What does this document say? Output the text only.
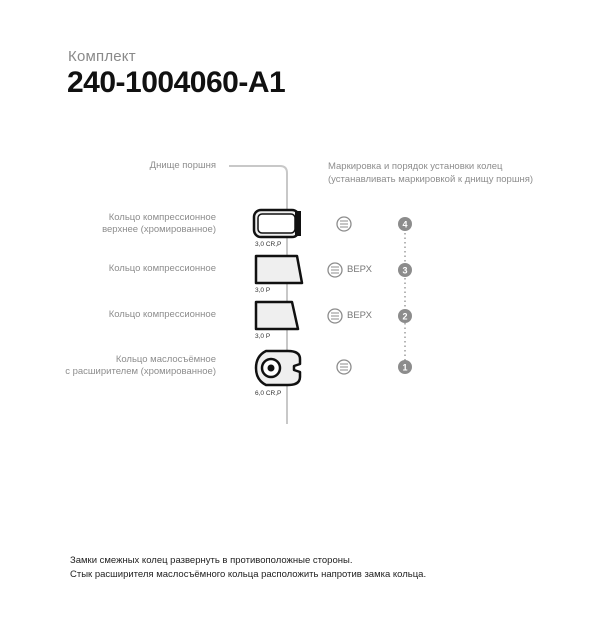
Комплект
240-1004060-A1
4
3
2
1
Днище поршня	Маркировка и порядок установки колец
(устанавливать маркировкой к днищу поршня)
Кольцо компрессионное
верхнее (хромированное)
Кольцо компрессионное
Кольцо компрессионное
Кольцо маслосъёмное
с расширителем (хромированное)
3,0 CR,P
3,0 P
3,0 P
6,0 CR,P
ВЕРХ
ВЕРХ
Замки смежных колец развернуть в противоположные стороны.
Стык расширителя маслосъёмного кольца расположить напротив замка кольца.
